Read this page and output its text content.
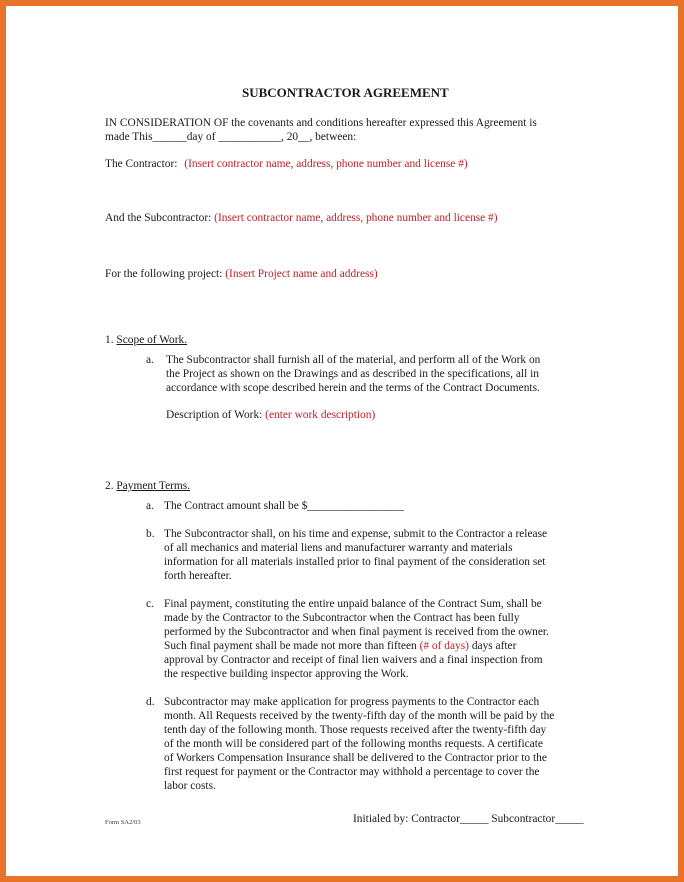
SUBCONTRACTOR AGREEMENT
IN CONSIDERATION OF the covenants and conditions hereafter expressed this Agreement is
made This______day of ___________, 20__, between:
The Contractor: (Insert contractor name, address, phone number and license #)
And the Subcontractor: (Insert contractor name, address, phone number and license #)
For the following project: (Insert Project name and address)
1. Scope of Work.
a. The Subcontractor shall furnish all of the material, and perform all of the Work on
the Project as shown on the Drawings and as described in the specifications, all in
accordance with scope described herein and the terms of the Contract Documents.
Description of Work: (enter work description)
2. Payment Terms.
a. The Contract amount shall be $_________________
b. The Subcontractor shall, on his time and expense, submit to the Contractor a release
of all mechanics and material liens and manufacturer warranty and materials
information for all materials installed prior to final payment of the consideration set
forth hereafter.
c. Final payment, constituting the entire unpaid balance of the Contract Sum, shall be
made by the Contractor to the Subcontractor when the Contract has been fully
performed by the Subcontractor and when final payment is received from the owner.
Such final payment shall be made not more than fifteen (# of days) days after
approval by Contractor and receipt of final lien waivers and a final inspection from
the respective building inspector approving the Work.
d. Subcontractor may make application for progress payments to the Contractor each
month. All Requests received by the twenty-fifth day of the month will be paid by the
tenth day of the following month. Those requests received after the twenty-fifth day
of the month will be considered part of the following months requests. A certificate
of Workers Compensation Insurance shall be delivered to the Contractor prior to the
first request for payment or the Contractor may withhold a percentage to cover the
labor costs.
Form SA2/03	Initialed by: Contractor_____ Subcontractor_____
